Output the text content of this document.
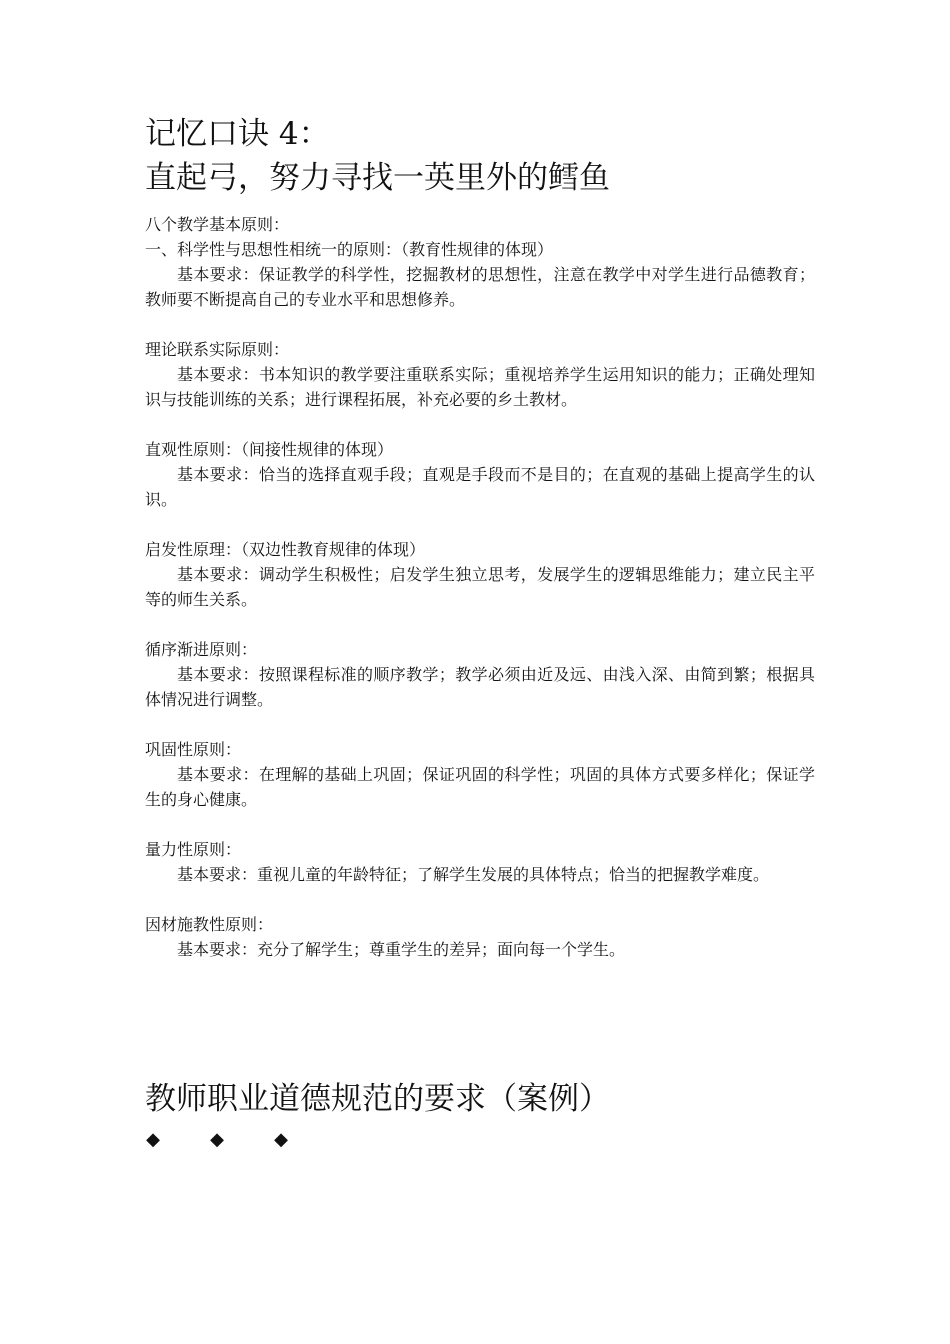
记忆口诀 4：
直起弓，努力寻找一英里外的鳕鱼

八个教学基本原则：

一、科学性与思想性相统一的原则：（教育性规律的体现）

基本要求：保证教学的科学性，挖掘教材的思想性，注意在教学中对学生进行品德教育；教师要不断提高自己的专业水平和思想修养。

理论联系实际原则：

基本要求：书本知识的教学要注重联系实际；重视培养学生运用知识的能力；正确处理知识与技能训练的关系；进行课程拓展，补充必要的乡土教材。

直观性原则：（间接性规律的体现）

基本要求：恰当的选择直观手段；直观是手段而不是目的；在直观的基础上提高学生的认识。

启发性原理：（双边性教育规律的体现）

基本要求：调动学生积极性；启发学生独立思考，发展学生的逻辑思维能力；建立民主平等的师生关系。

循序渐进原则：

基本要求：按照课程标准的顺序教学；教学必须由近及远、由浅入深、由简到繁；根据具体情况进行调整。

巩固性原则：

基本要求：在理解的基础上巩固；保证巩固的科学性；巩固的具体方式要多样化；保证学生的身心健康。

量力性原则：

基本要求：重视儿童的年龄特征；了解学生发展的具体特点；恰当的把握教学难度。

因材施教性原则：

基本要求：充分了解学生；尊重学生的差异；面向每一个学生。

教师职业道德规范的要求（案例）
◆	◆	◆
